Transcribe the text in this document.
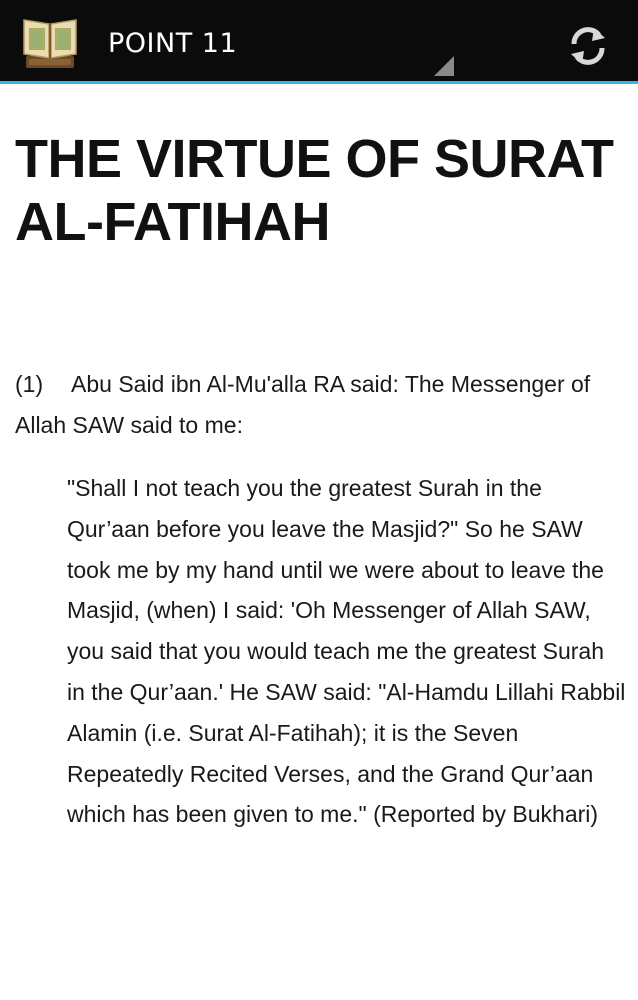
POINT 11
THE VIRTUE OF SURAT AL-FATIHAH

(1) Abu Said ibn Al-Mu'alla RA said: The Messenger of Allah SAW said to me:

"Shall I not teach you the greatest Surah in the Qur’aan before you leave the Masjid?" So he SAW took me by my hand until we were about to leave the Masjid, (when) I said: 'Oh Messenger of Allah SAW, you said that you would teach me the greatest Surah in the Qur’aan.' He SAW said: "Al-Hamdu Lillahi Rabbil Alamin (i.e. Surat Al-Fatihah); it is the Seven Repeatedly Recited Verses, and the Grand Qur’aan which has been given to me." (Reported by Bukhari)
